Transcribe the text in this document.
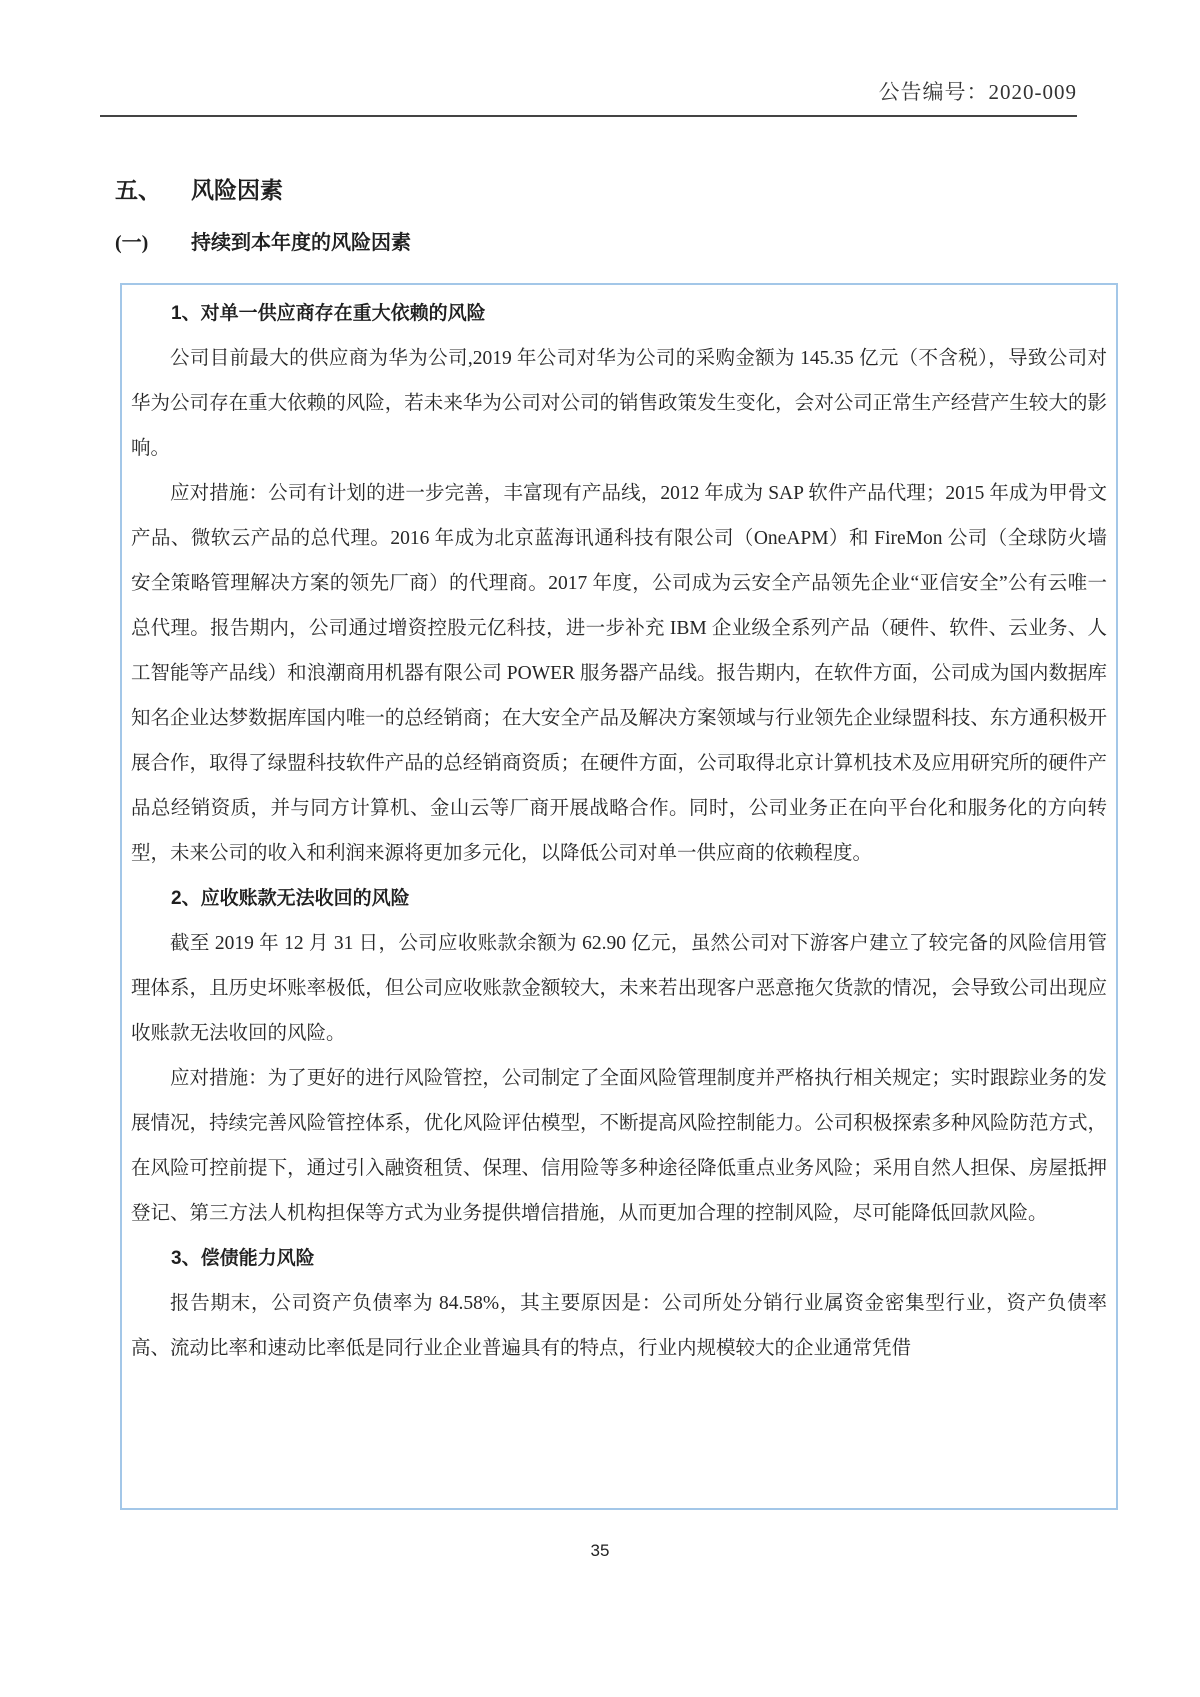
公告编号：2020-009
五、 风险因素
(一) 持续到本年度的风险因素

1、对单一供应商存在重大依赖的风险

公司目前最大的供应商为华为公司,2019 年公司对华为公司的采购金额为 145.35 亿元（不含税），导致公司对华为公司存在重大依赖的风险，若未来华为公司对公司的销售政策发生变化，会对公司正常生产经营产生较大的影响。

应对措施：公司有计划的进一步完善，丰富现有产品线，2012 年成为 SAP 软件产品代理；2015 年成为甲骨文产品、微软云产品的总代理。2016 年成为北京蓝海讯通科技有限公司（OneAPM）和 FireMon 公司（全球防火墙安全策略管理解决方案的领先厂商）的代理商。2017 年度，公司成为云安全产品领先企业“亚信安全”公有云唯一总代理。报告期内，公司通过增资控股元亿科技，进一步补充 IBM 企业级全系列产品（硬件、软件、云业务、人工智能等产品线）和浪潮商用机器有限公司 POWER 服务器产品线。报告期内，在软件方面，公司成为国内数据库知名企业达梦数据库国内唯一的总经销商；在大安全产品及解决方案领域与行业领先企业绿盟科技、东方通积极开展合作，取得了绿盟科技软件产品的总经销商资质；在硬件方面，公司取得北京计算机技术及应用研究所的硬件产品总经销资质，并与同方计算机、金山云等厂商开展战略合作。同时，公司业务正在向平台化和服务化的方向转型，未来公司的收入和利润来源将更加多元化，以降低公司对单一供应商的依赖程度。

2、应收账款无法收回的风险

截至 2019 年 12 月 31 日，公司应收账款余额为 62.90 亿元，虽然公司对下游客户建立了较完备的风险信用管理体系，且历史坏账率极低，但公司应收账款金额较大，未来若出现客户恶意拖欠货款的情况，会导致公司出现应收账款无法收回的风险。

应对措施：为了更好的进行风险管控，公司制定了全面风险管理制度并严格执行相关规定；实时跟踪业务的发展情况，持续完善风险管控体系，优化风险评估模型，不断提高风险控制能力。公司积极探索多种风险防范方式，在风险可控前提下，通过引入融资租赁、保理、信用险等多种途径降低重点业务风险；采用自然人担保、房屋抵押登记、第三方法人机构担保等方式为业务提供增信措施，从而更加合理的控制风险，尽可能降低回款风险。

3、偿债能力风险

报告期末，公司资产负债率为 84.58%，其主要原因是：公司所处分销行业属资金密集型行业，资产负债率高、流动比率和速动比率低是同行业企业普遍具有的特点，行业内规模较大的企业通常凭借

35
